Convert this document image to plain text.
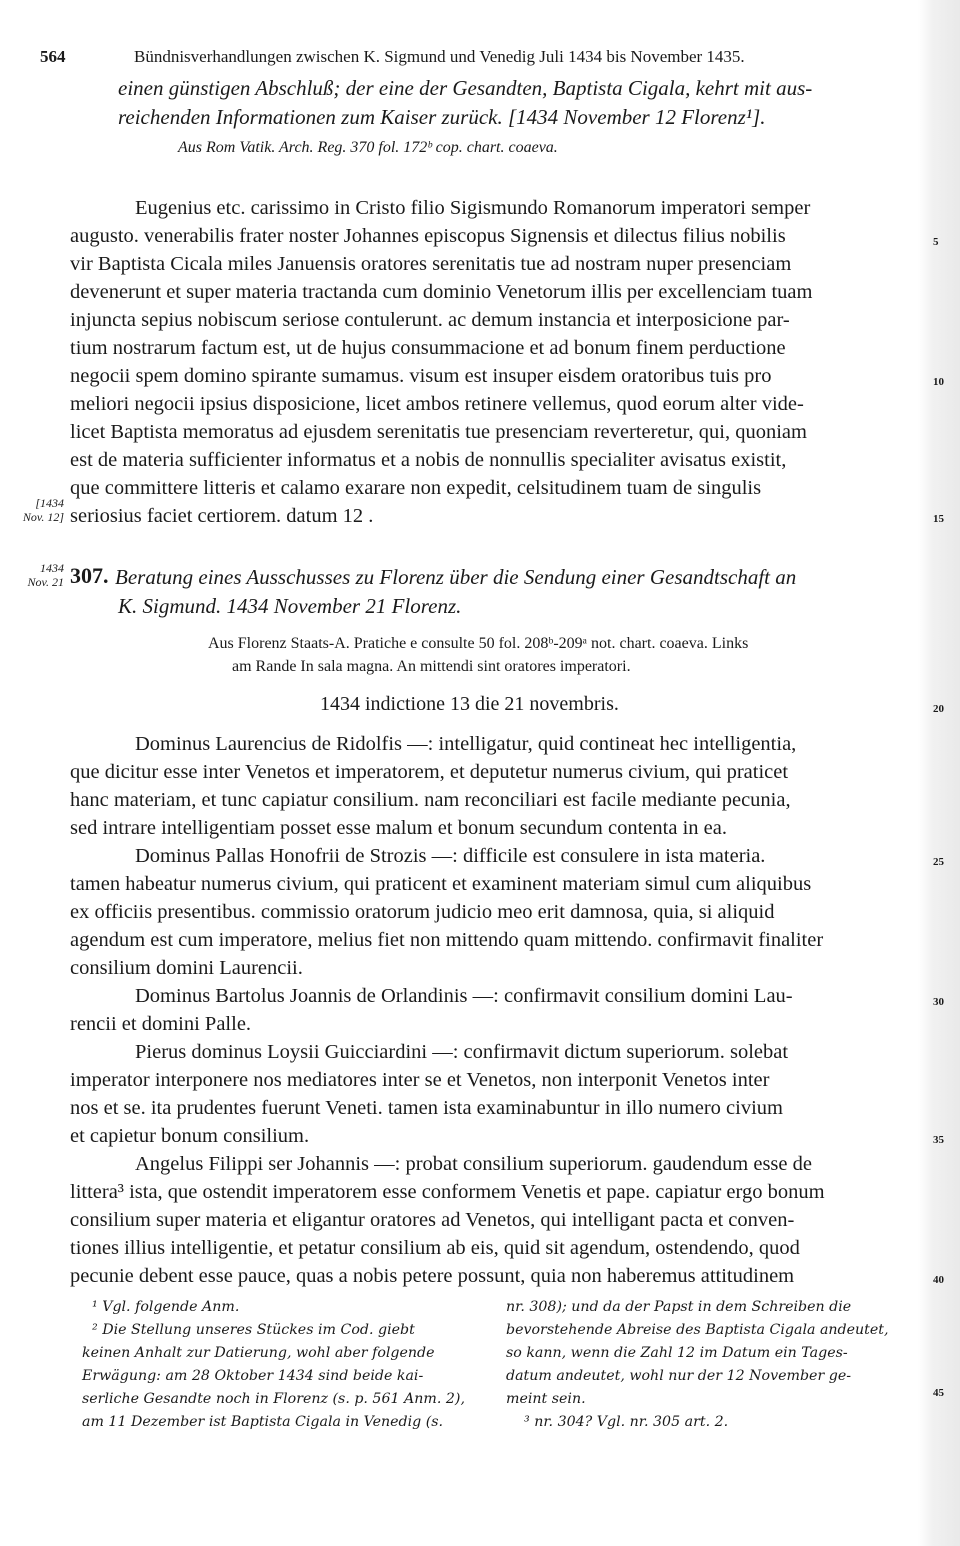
564	Bündnisverhandlungen zwischen K. Sigmund und Venedig Juli 1434 bis November 1435.
einen günstigen Abschluß; der eine der Gesandten, Baptista Cigala, kehrt mit aus-
reichenden Informationen zum Kaiser zurück. [1434 November 12 Florenz¹].
Aus Rom Vatik. Arch. Reg. 370 fol. 172ᵇ cop. chart. coaeva.
Eugenius etc. carissimo in Cristo filio Sigismundo Romanorum imperatori semper
augusto. venerabilis frater noster Johannes episcopus Signensis et dilectus filius nobilis
vir Baptista Cicala miles Januensis oratores serenitatis tue ad nostram nuper presenciam
devenerunt et super materia tractanda cum dominio Venetorum illis per excellenciam tuam
injuncta sepius nobiscum seriose contulerunt. ac demum instancia et interposicione par-
tium nostrarum factum est, ut de hujus consummacione et ad bonum finem perductione
negocii spem domino spirante sumamus. visum est insuper eisdem oratoribus tuis pro
meliori negocii ipsius disposicione, licet ambos retinere vellemus, quod eorum alter vide-
licet Baptista memoratus ad ejusdem serenitatis tue presenciam reverteretur, qui, quoniam
est de materia sufficienter informatus et a nobis de nonnullis specialiter avisatus existit,
que committere litteris et calamo exarare non expedit, celsitudinem tuam de singulis
seriosius faciet certiorem. datum 12 .
[1434
Nov. 12]
1434
Nov. 21 307. Beratung eines Ausschusses zu Florenz über die Sendung einer Gesandtschaft an
K. Sigmund. 1434 November 21 Florenz.
Aus Florenz Staats-A. Pratiche e consulte 50 fol. 208ᵇ-209ᵃ not. chart. coaeva. Links
am Rande In sala magna. An mittendi sint oratores imperatori.
1434 indictione 13 die 21 novembris.
Dominus Laurencius de Ridolfis —: intelligatur, quid contineat hec intelligentia,
que dicitur esse inter Venetos et imperatorem, et deputetur numerus civium, qui praticet
hanc materiam, et tunc capiatur consilium. nam reconciliari est facile mediante pecunia,
sed intrare intelligentiam posset esse malum et bonum secundum contenta in ea.
Dominus Pallas Honofrii de Strozis —: difficile est consulere in ista materia.
tamen habeatur numerus civium, qui praticent et examinent materiam simul cum aliquibus
ex officiis presentibus. commissio oratorum judicio meo erit damnosa, quia, si aliquid
agendum est cum imperatore, melius fiet non mittendo quam mittendo. confirmavit finaliter
consilium domini Laurencii.
Dominus Bartolus Joannis de Orlandinis —: confirmavit consilium domini Lau-
rencii et domini Palle.
Pierus dominus Loysii Guicciardini —: confirmavit dictum superiorum. solebat
imperator interponere nos mediatores inter se et Venetos, non interponit Venetos inter
nos et se. ita prudentes fuerunt Veneti. tamen ista examinabuntur in illo numero civium
et capietur bonum consilium.
Angelus Filippi ser Johannis —: probat consilium superiorum. gaudendum esse de
littera³ ista, que ostendit imperatorem esse conformem Venetis et pape. capiatur ergo bonum
consilium super materia et eligantur oratores ad Venetos, qui intelligant pacta et conven-
tiones illius intelligentie, et petatur consilium ab eis, quid sit agendum, ostendendo, quod
pecunie debent esse pauce, quas a nobis petere possunt, quia non haberemus attitudinem
5
10
15
20
25
30
35
40
45
¹ Vgl. folgende Anm.
² Die Stellung unseres Stückes im Cod. giebt
keinen Anhalt zur Datierung, wohl aber folgende
Erwägung: am 28 Oktober 1434 sind beide kai-
serliche Gesandte noch in Florenz (s. p. 561 Anm. 2),
am 11 Dezember ist Baptista Cigala in Venedig (s.
nr. 308); und da der Papst in dem Schreiben die
bevorstehende Abreise des Baptista Cigala andeutet,
so kann, wenn die Zahl 12 im Datum ein Tages-
datum andeutet, wohl nur der 12 November ge-
meint sein.
³ nr. 304? Vgl. nr. 305 art. 2.
